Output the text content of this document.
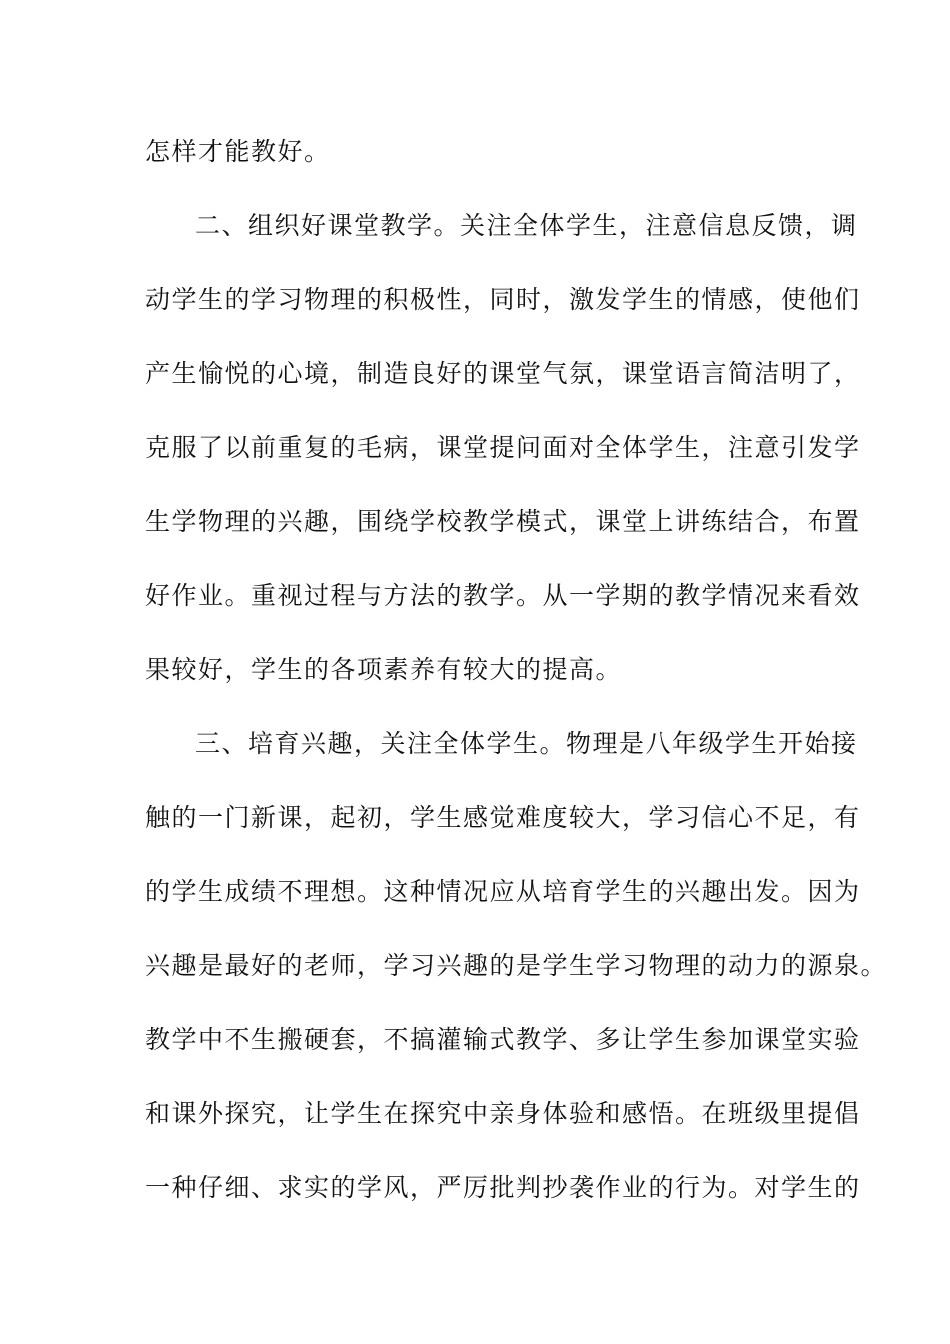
怎样才能教好。
二、组织好课堂教学。关注全体学生，注意信息反馈，调
动学生的学习物理的积极性，同时，激发学生的情感，使他们
产生愉悦的心境，制造良好的课堂气氛，课堂语言简洁明了，
克服了以前重复的毛病，课堂提问面对全体学生，注意引发学
生学物理的兴趣，围绕学校教学模式，课堂上讲练结合，布置
好作业。重视过程与方法的教学。从一学期的教学情况来看效
果较好，学生的各项素养有较大的提高。
三、培育兴趣，关注全体学生。物理是八年级学生开始接
触的一门新课，起初，学生感觉难度较大，学习信心不足，有
的学生成绩不理想。这种情况应从培育学生的兴趣出发。因为
兴趣是最好的老师，学习兴趣的是学生学习物理的动力的源泉。
教学中不生搬硬套，不搞灌输式教学、多让学生参加课堂实验
和课外探究，让学生在探究中亲身体验和感悟。在班级里提倡
一种仔细、求实的学风，严厉批判抄袭作业的行为。对学生的
